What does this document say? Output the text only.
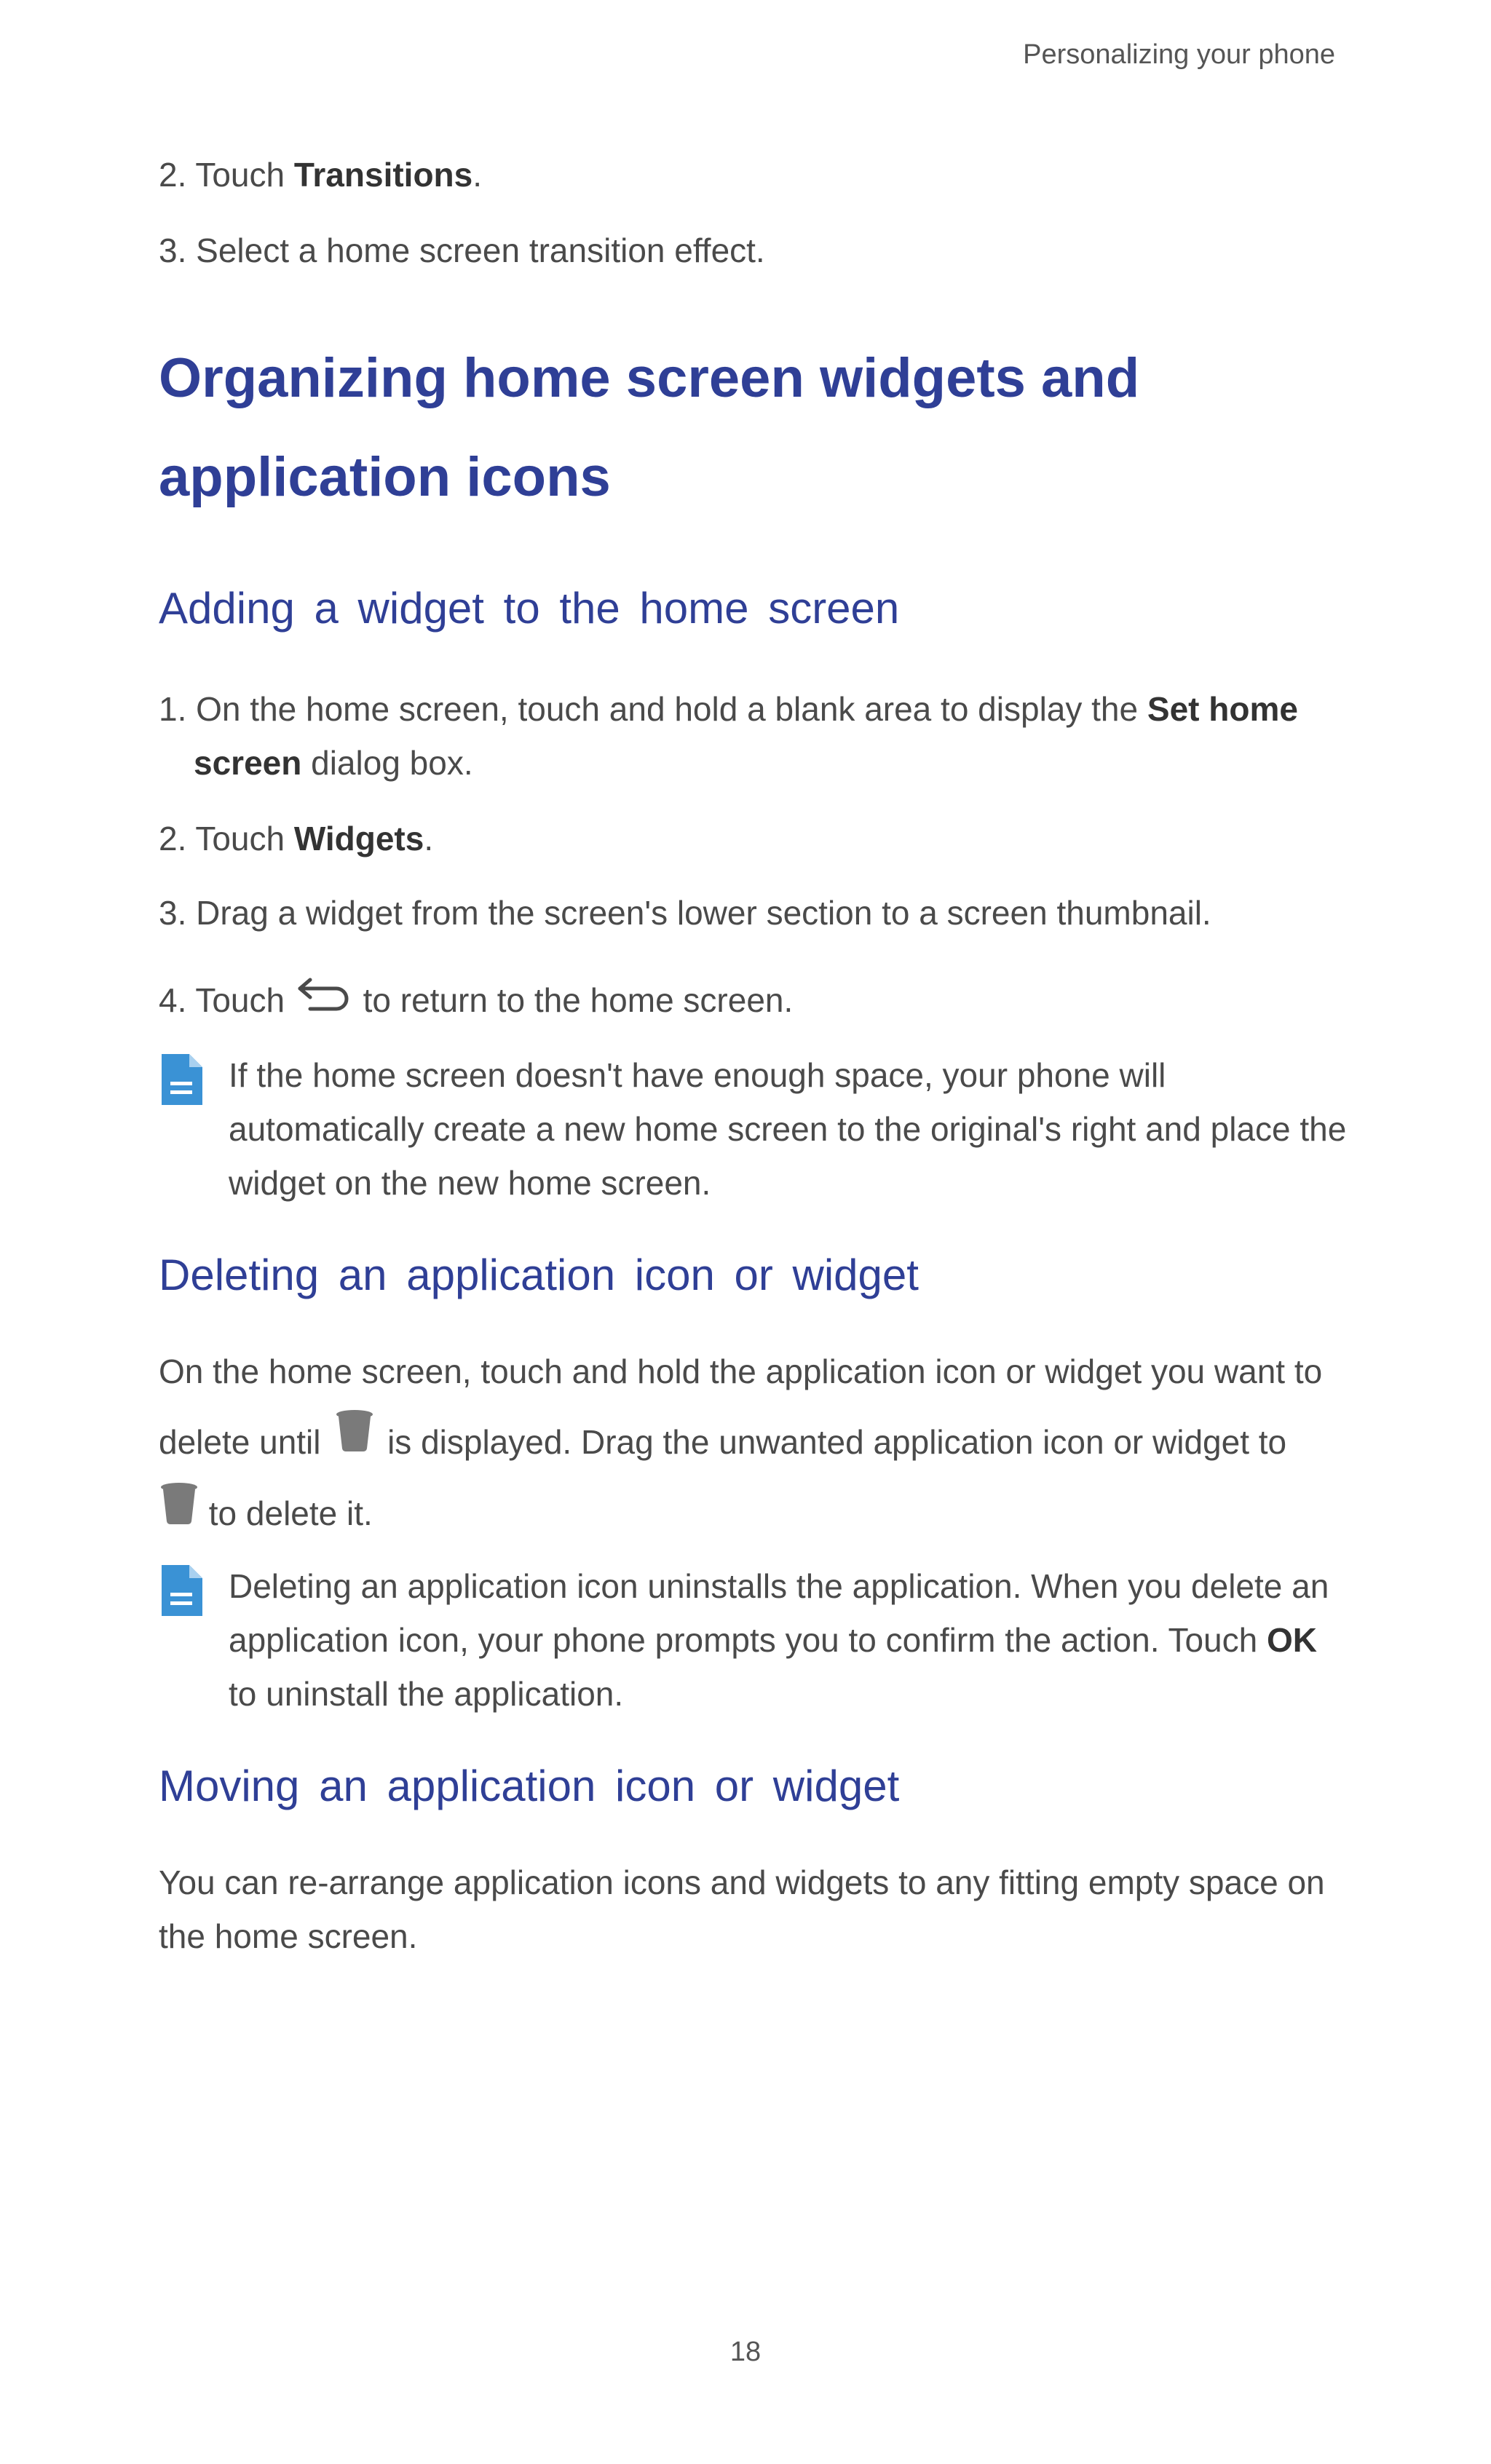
Personalizing your phone
2. Touch Transitions.
3. Select a home screen transition effect.
Organizing home screen widgets and
application icons
Adding a widget to the home screen
1. On the home screen, touch and hold a blank area to display the Set home
screen dialog box.
2. Touch Widgets.
3. Drag a widget from the screen's lower section to a screen thumbnail.
4. Touch  to return to the home screen.
If the home screen doesn't have enough space, your phone will
automatically create a new home screen to the original's right and place the
widget on the new home screen.
Deleting an application icon or widget
On the home screen, touch and hold the application icon or widget you want to
delete until  is displayed. Drag the unwanted application icon or widget to
to delete it.
Deleting an application icon uninstalls the application. When you delete an
application icon, your phone prompts you to confirm the action. Touch OK
to uninstall the application.
Moving an application icon or widget
You can re-arrange application icons and widgets to any fitting empty space on
the home screen.
18
